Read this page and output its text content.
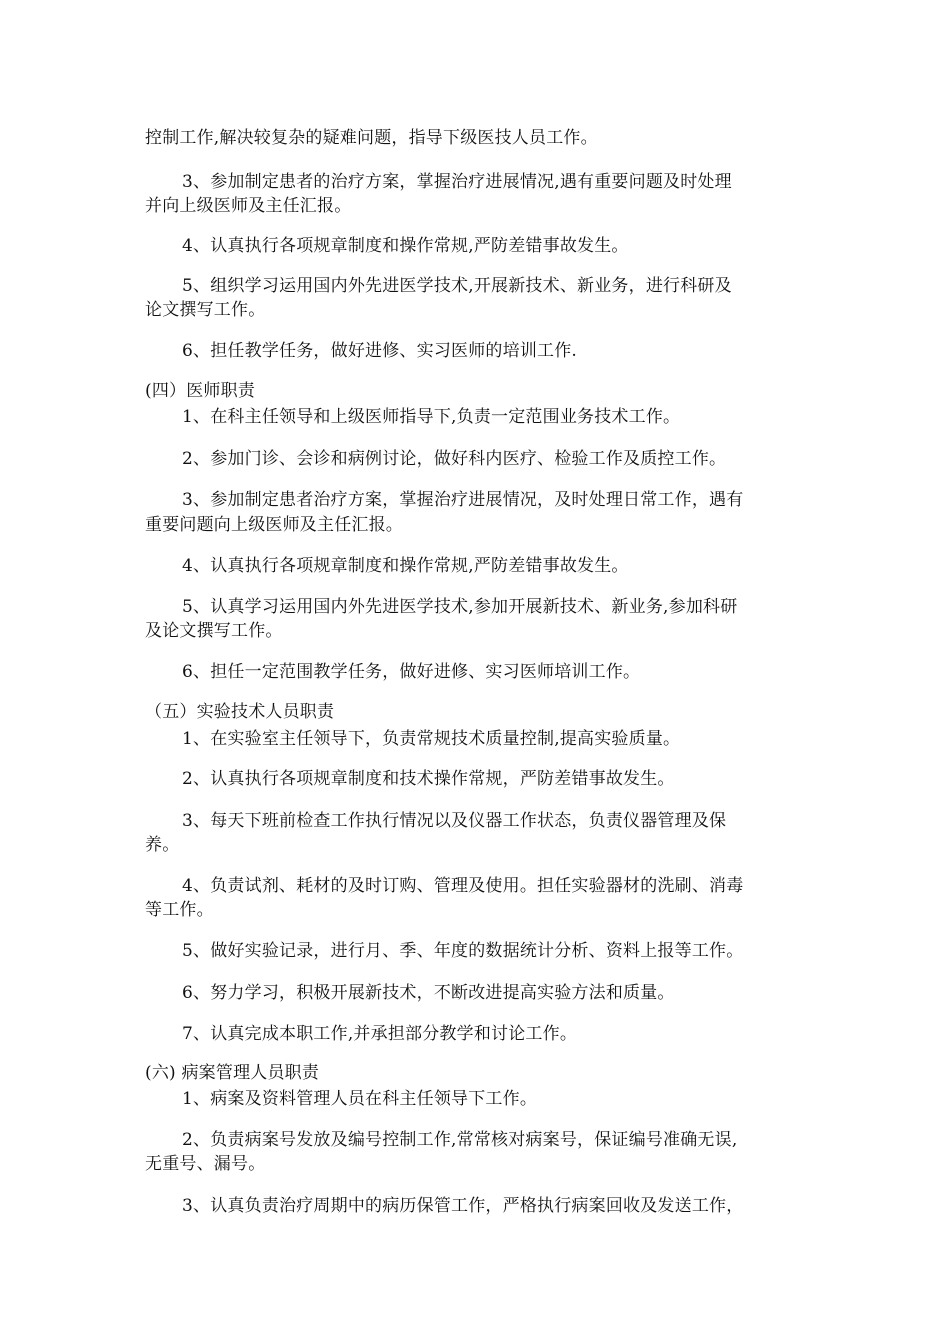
控制工作,解决较复杂的疑难问题，指导下级医技人员工作。
3、参加制定患者的治疗方案，掌握治疗进展情况,遇有重要问题及时处理
并向上级医师及主任汇报。
4、认真执行各项规章制度和操作常规,严防差错事故发生。
5、组织学习运用国内外先进医学技术,开展新技术、新业务，进行科研及
论文撰写工作。
6、担任教学任务，做好进修、实习医师的培训工作.
(四）医师职责
1、在科主任领导和上级医师指导下,负责一定范围业务技术工作。
2、参加门诊、会诊和病例讨论，做好科内医疗、检验工作及质控工作。
3、参加制定患者治疗方案，掌握治疗进展情况，及时处理日常工作，遇有
重要问题向上级医师及主任汇报。
4、认真执行各项规章制度和操作常规,严防差错事故发生。
5、认真学习运用国内外先进医学技术,参加开展新技术、新业务,参加科研
及论文撰写工作。
6、担任一定范围教学任务，做好进修、实习医师培训工作。
（五）实验技术人员职责
1、在实验室主任领导下，负责常规技术质量控制,提高实验质量。
2、认真执行各项规章制度和技术操作常规，严防差错事故发生。
3、每天下班前检查工作执行情况以及仪器工作状态，负责仪器管理及保
养。
4、负责试剂、耗材的及时订购、管理及使用。担任实验器材的洗刷、消毒
等工作。
5、做好实验记录，进行月、季、年度的数据统计分析、资料上报等工作。
6、努力学习，积极开展新技术，不断改进提高实验方法和质量。
7、认真完成本职工作,并承担部分教学和讨论工作。
(六) 病案管理人员职责
1、病案及资料管理人员在科主任领导下工作。
2、负责病案号发放及编号控制工作,常常核对病案号，保证编号准确无误,
无重号、漏号。
3、认真负责治疗周期中的病历保管工作，严格执行病案回收及发送工作，
